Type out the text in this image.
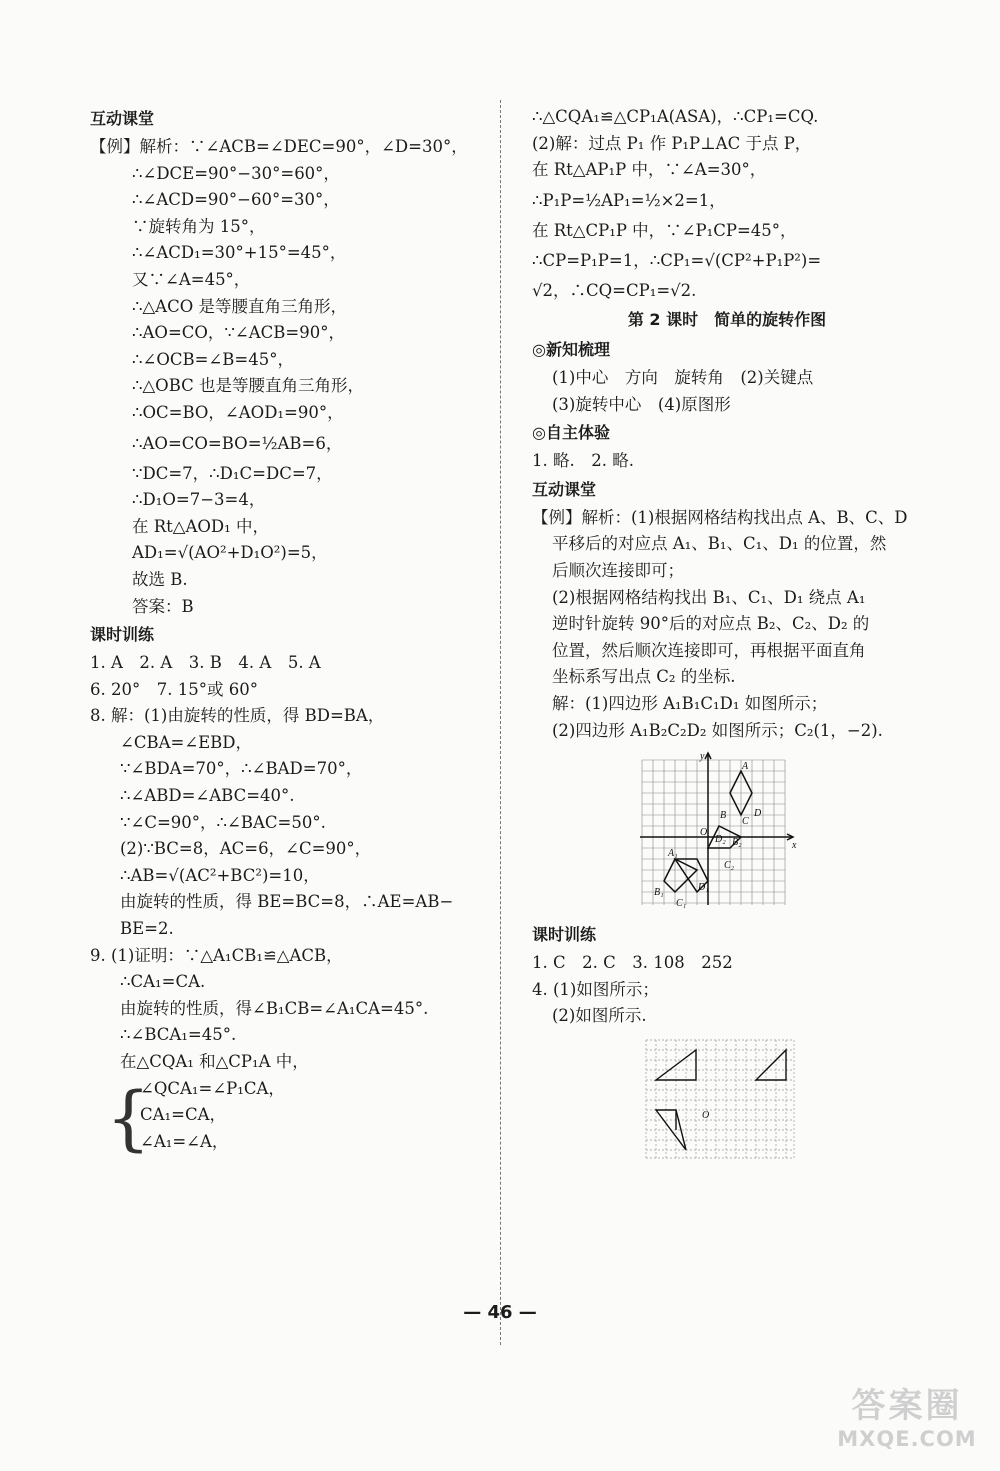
互动课堂
【例】解析：∵∠ACB=∠DEC=90°，∠D=30°，
∴∠DCE=90°−30°=60°，
∴∠ACD=90°−60°=30°，
∵旋转角为 15°，
∴∠ACD₁=30°+15°=45°，
又∵∠A=45°，
∴△ACO 是等腰直角三角形，
∴AO=CO，∵∠ACB=90°，
∴∠OCB=∠B=45°，
∴△OBC 也是等腰直角三角形，
∴OC=BO，∠AOD₁=90°，
∴AO=CO=BO=½AB=6，
∵DC=7，∴D₁C=DC=7，
∴D₁O=7−3=4，
在 Rt△AOD₁ 中，
AD₁=√(AO²+D₁O²)=5，
故选 B.
答案：B
课时训练
1. A　2. A　3. B　4. A　5. A
6. 20°　7. 15°或 60°
8. 解：(1)由旋转的性质，得 BD=BA，
∠CBA=∠EBD，
∵∠BDA=70°，∴∠BAD=70°，
∴∠ABD=∠ABC=40°.
∵∠C=90°，∴∠BAC=50°.
(2)∵BC=8，AC=6，∠C=90°，
∴AB=√(AC²+BC²)=10，
由旋转的性质，得 BE=BC=8，∴AE=AB−
BE=2.
9. (1)证明：∵△A₁CB₁≌△ACB，
∴CA₁=CA.
由旋转的性质，得∠B₁CB=∠A₁CA=45°.
∴∠BCA₁=45°.
在△CQA₁ 和△CP₁A 中，
{
∠QCA₁=∠P₁CA，
CA₁=CA，
∠A₁=∠A，
∴△CQA₁≌△CP₁A(ASA)，∴CP₁=CQ.
(2)解：过点 P₁ 作 P₁P⊥AC 于点 P，
在 Rt△AP₁P 中，∵∠A=30°，
∴P₁P=½AP₁=½×2=1，
在 Rt△CP₁P 中，∵∠P₁CP=45°，
∴CP=P₁P=1，∴CP₁=√(CP²+P₁P²)=
√2，∴CQ=CP₁=√2.
第 2 课时　简单的旋转作图
◎新知梳理
(1)中心　方向　旋转角　(2)关键点
(3)旋转中心　(4)原图形
◎自主体验
1. 略.　2. 略.
互动课堂
【例】解析：(1)根据网格结构找出点 A、B、C、D
平移后的对应点 A₁、B₁、C₁、D₁ 的位置，然
后顺次连接即可；
(2)根据网格结构找出 B₁、C₁、D₁ 绕点 A₁
逆时针旋转 90°后的对应点 B₂、C₂、D₂ 的
位置，然后顺次连接即可，再根据平面直角
坐标系写出点 C₂ 的坐标.
解：(1)四边形 A₁B₁C₁D₁ 如图所示；
(2)四边形 A₁B₂C₂D₂ 如图所示；C₂(1，−2).
y
x
O
A
B
C
D
A₁
B₁
C₁
D₁
D₂ B₂
C₂
课时训练
1. C　2. C　3. 108　252
4. (1)如图所示；
(2)如图所示.
O
— 46 —
答案圈
MXQE.COM
